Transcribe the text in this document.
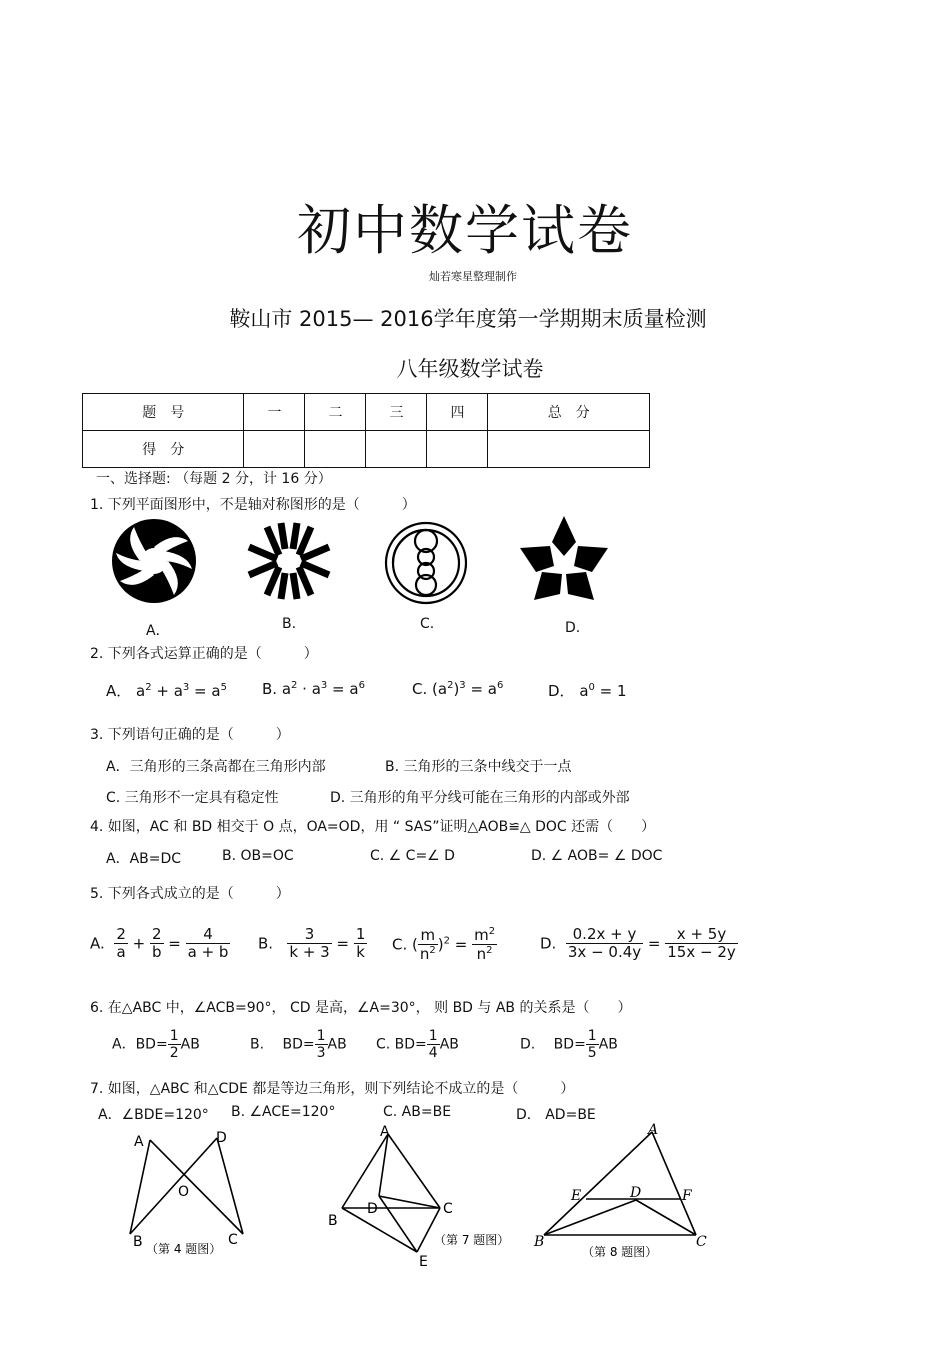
初中数学试卷
灿若寒星整理制作
鞍山市 2015— 2016学年度第一学期期末质量检测
八年级数学试卷
题　号	一	二	三	四	总　分
得　分					
一、选择题: （每题 2 分，计 16 分）
1. 下列平面图形中，不是轴对称图形的是（　　　）
A．	B.	C.	D.
2. 下列各式运算正确的是（　　　）
A． $a^2 + a^3 = a^5$ B. $a^2 \cdot a^3 = a^6$	C. $(a^2)^3 = a^6$	D． $a^0 = 1$
3. 下列语句正确的是（　　　）
A．三角形的三条高都在三角形内部	B. 三角形的三条中线交于一点
C. 三角形不一定具有稳定性	D. 三角形的角平分线可能在三角形的内部或外部
4. 如图，AC 和 BD 相交于 O 点，OA=OD，用 “ SAS”证明△AOB≌△ DOC 还需（　　）
A．AB=DC	B. OB=OC	C. ∠ C=∠ D	D. ∠ AOB= ∠ DOC
5. 下列各式成立的是（　　　）
A. $\frac{2}{a} + \frac{2}{b} = \frac{4}{a + b} B$. $\frac{3}{k + 3} = \frac{1}{k} C$. ( $\frac{m}{n^2} )^2 = \frac{m^2}{n^2}$	D. $\frac{0.2x + y}{3x - 0.4y} = \frac{x + 5y}{15x - 2y}$
6. 在△ABC 中，∠ACB=90°， CD 是高，∠A=30°， 则 BD 与 AB 的关系是（　　）
A．$BD= \frac{1}{2}$ AB	B.　 $BD= \frac{1}{3}$ AB C. $BD= \frac{1}{4}$ AB	D.　 $BD= \frac{1}{5}$ AB
7. 如图，△ABC 和△CDE 都是等边三角形，则下列结论不成立的是（　　　）
A．∠BDE=120° B. ∠ACE=120°	C. AB=BE	D． AD=BE
A	D
O
B	C
（第 4 题图）
A
B
D	C
E
（第 7 题图）
A
E	D	F
B	C
（第 8 题图）
